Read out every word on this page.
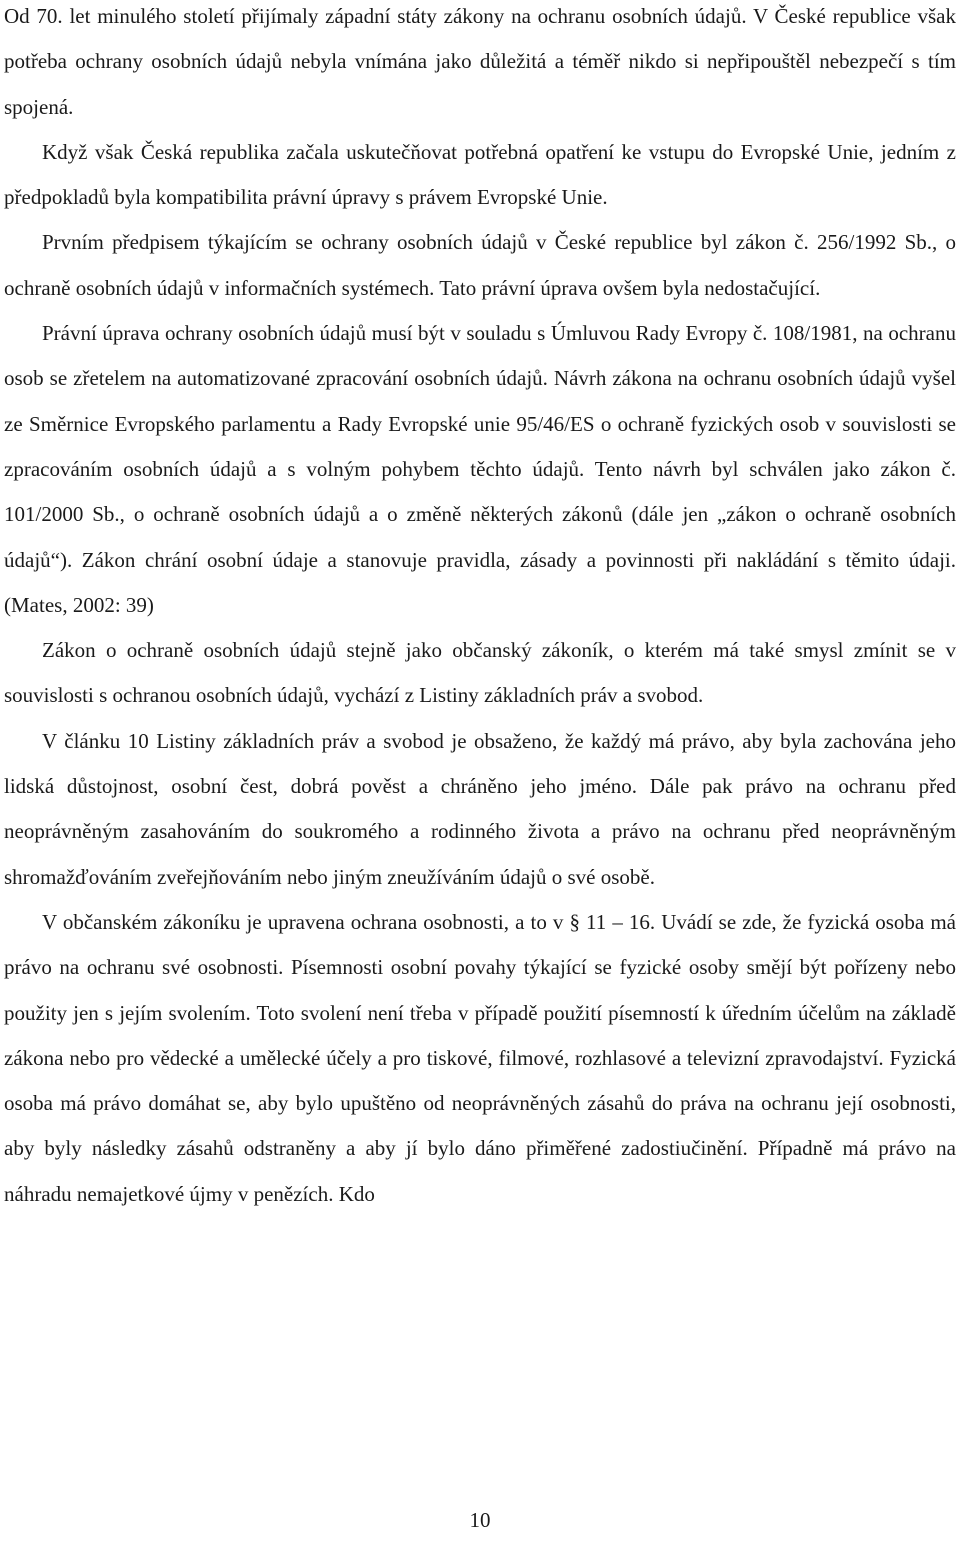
Od 70. let minulého století přijímaly západní státy zákony na ochranu osobních údajů. V České republice však potřeba ochrany osobních údajů nebyla vnímána jako důležitá a téměř nikdo si nepřipouštěl nebezpečí s tím spojená.

Když však Česká republika začala uskutečňovat potřebná opatření ke vstupu do Evropské Unie, jedním z předpokladů byla kompatibilita právní úpravy s právem Evropské Unie.

Prvním předpisem týkajícím se ochrany osobních údajů v České republice byl zákon č. 256/1992 Sb., o ochraně osobních údajů v informačních systémech. Tato právní úprava ovšem byla nedostačující.

Právní úprava ochrany osobních údajů musí být v souladu s Úmluvou Rady Evropy č. 108/1981, na ochranu osob se zřetelem na automatizované zpracování osobních údajů. Návrh zákona na ochranu osobních údajů vyšel ze Směrnice Evropského parlamentu a Rady Evropské unie 95/46/ES o ochraně fyzických osob v souvislosti se zpracováním osobních údajů a s volným pohybem těchto údajů. Tento návrh byl schválen jako zákon č. 101/2000 Sb., o ochraně osobních údajů a o změně některých zákonů (dále jen „zákon o ochraně osobních údajů“). Zákon chrání osobní údaje a stanovuje pravidla, zásady a povinnosti při nakládání s těmito údaji. (Mates, 2002: 39)

Zákon o ochraně osobních údajů stejně jako občanský zákoník, o kterém má také smysl zmínit se v souvislosti s ochranou osobních údajů, vychází z Listiny základních práv a svobod.

V článku 10 Listiny základních práv a svobod je obsaženo, že každý má právo, aby byla zachována jeho lidská důstojnost, osobní čest, dobrá pověst a chráněno jeho jméno. Dále pak právo na ochranu před neoprávněným zasahováním do soukromého a rodinného života a právo na ochranu před neoprávněným shromažďováním zveřejňováním nebo jiným zneužíváním údajů o své osobě.

V občanském zákoníku je upravena ochrana osobnosti, a to v § 11 – 16. Uvádí se zde, že fyzická osoba má právo na ochranu své osobnosti. Písemnosti osobní povahy týkající se fyzické osoby smějí být pořízeny nebo použity jen s jejím svolením. Toto svolení není třeba v případě použití písemností k úředním účelům na základě zákona nebo pro vědecké a umělecké účely a pro tiskové, filmové, rozhlasové a televizní zpravodajství. Fyzická osoba má právo domáhat se, aby bylo upuštěno od neoprávněných zásahů do práva na ochranu její osobnosti, aby byly následky zásahů odstraněny a aby jí bylo dáno přiměřené zadostiučinění. Případně má právo na náhradu nemajetkové újmy v penězích. Kdo

10
